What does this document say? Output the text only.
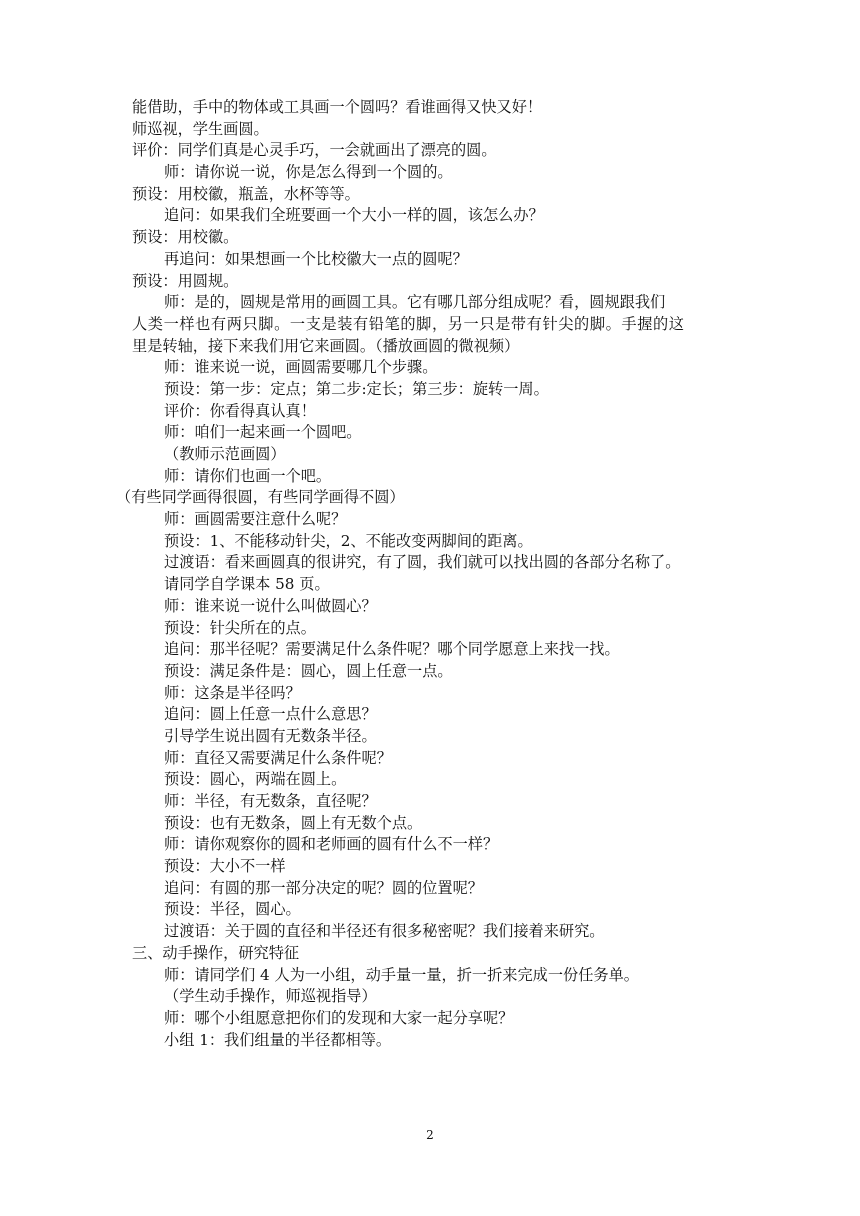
能借助，手中的物体或工具画一个圆吗？看谁画得又快又好！
师巡视，学生画圆。
评价：同学们真是心灵手巧，一会就画出了漂亮的圆。
师：请你说一说，你是怎么得到一个圆的。
预设：用校徽，瓶盖，水杯等等。
追问：如果我们全班要画一个大小一样的圆，该怎么办？
预设：用校徽。
再追问：如果想画一个比校徽大一点的圆呢？
预设：用圆规。
师：是的，圆规是常用的画圆工具。它有哪几部分组成呢？看，圆规跟我们
人类一样也有两只脚。一支是装有铅笔的脚，另一只是带有针尖的脚。手握的这
里是转轴，接下来我们用它来画圆。（播放画圆的微视频）
师：谁来说一说，画圆需要哪几个步骤。
预设：第一步：定点；第二步:定长；第三步：旋转一周。
评价：你看得真认真！
师：咱们一起来画一个圆吧。
（教师示范画圆）
师：请你们也画一个吧。
（有些同学画得很圆，有些同学画得不圆）
师：画圆需要注意什么呢？
预设：1、不能移动针尖，2、不能改变两脚间的距离。
过渡语：看来画圆真的很讲究，有了圆，我们就可以找出圆的各部分名称了。
请同学自学课本 58 页。
师：谁来说一说什么叫做圆心？
预设：针尖所在的点。
追问：那半径呢？需要满足什么条件呢？哪个同学愿意上来找一找。
预设：满足条件是：圆心，圆上任意一点。
师：这条是半径吗？
追问：圆上任意一点什么意思？
引导学生说出圆有无数条半径。
师：直径又需要满足什么条件呢？
预设：圆心，两端在圆上。
师：半径，有无数条，直径呢？
预设：也有无数条，圆上有无数个点。
师：请你观察你的圆和老师画的圆有什么不一样？
预设：大小不一样
追问：有圆的那一部分决定的呢？圆的位置呢？
预设：半径，圆心。
过渡语：关于圆的直径和半径还有很多秘密呢？我们接着来研究。
三、动手操作，研究特征
师：请同学们 4 人为一小组，动手量一量，折一折来完成一份任务单。
（学生动手操作，师巡视指导）
师：哪个小组愿意把你们的发现和大家一起分享呢？
小组 1：我们组量的半径都相等。
2
